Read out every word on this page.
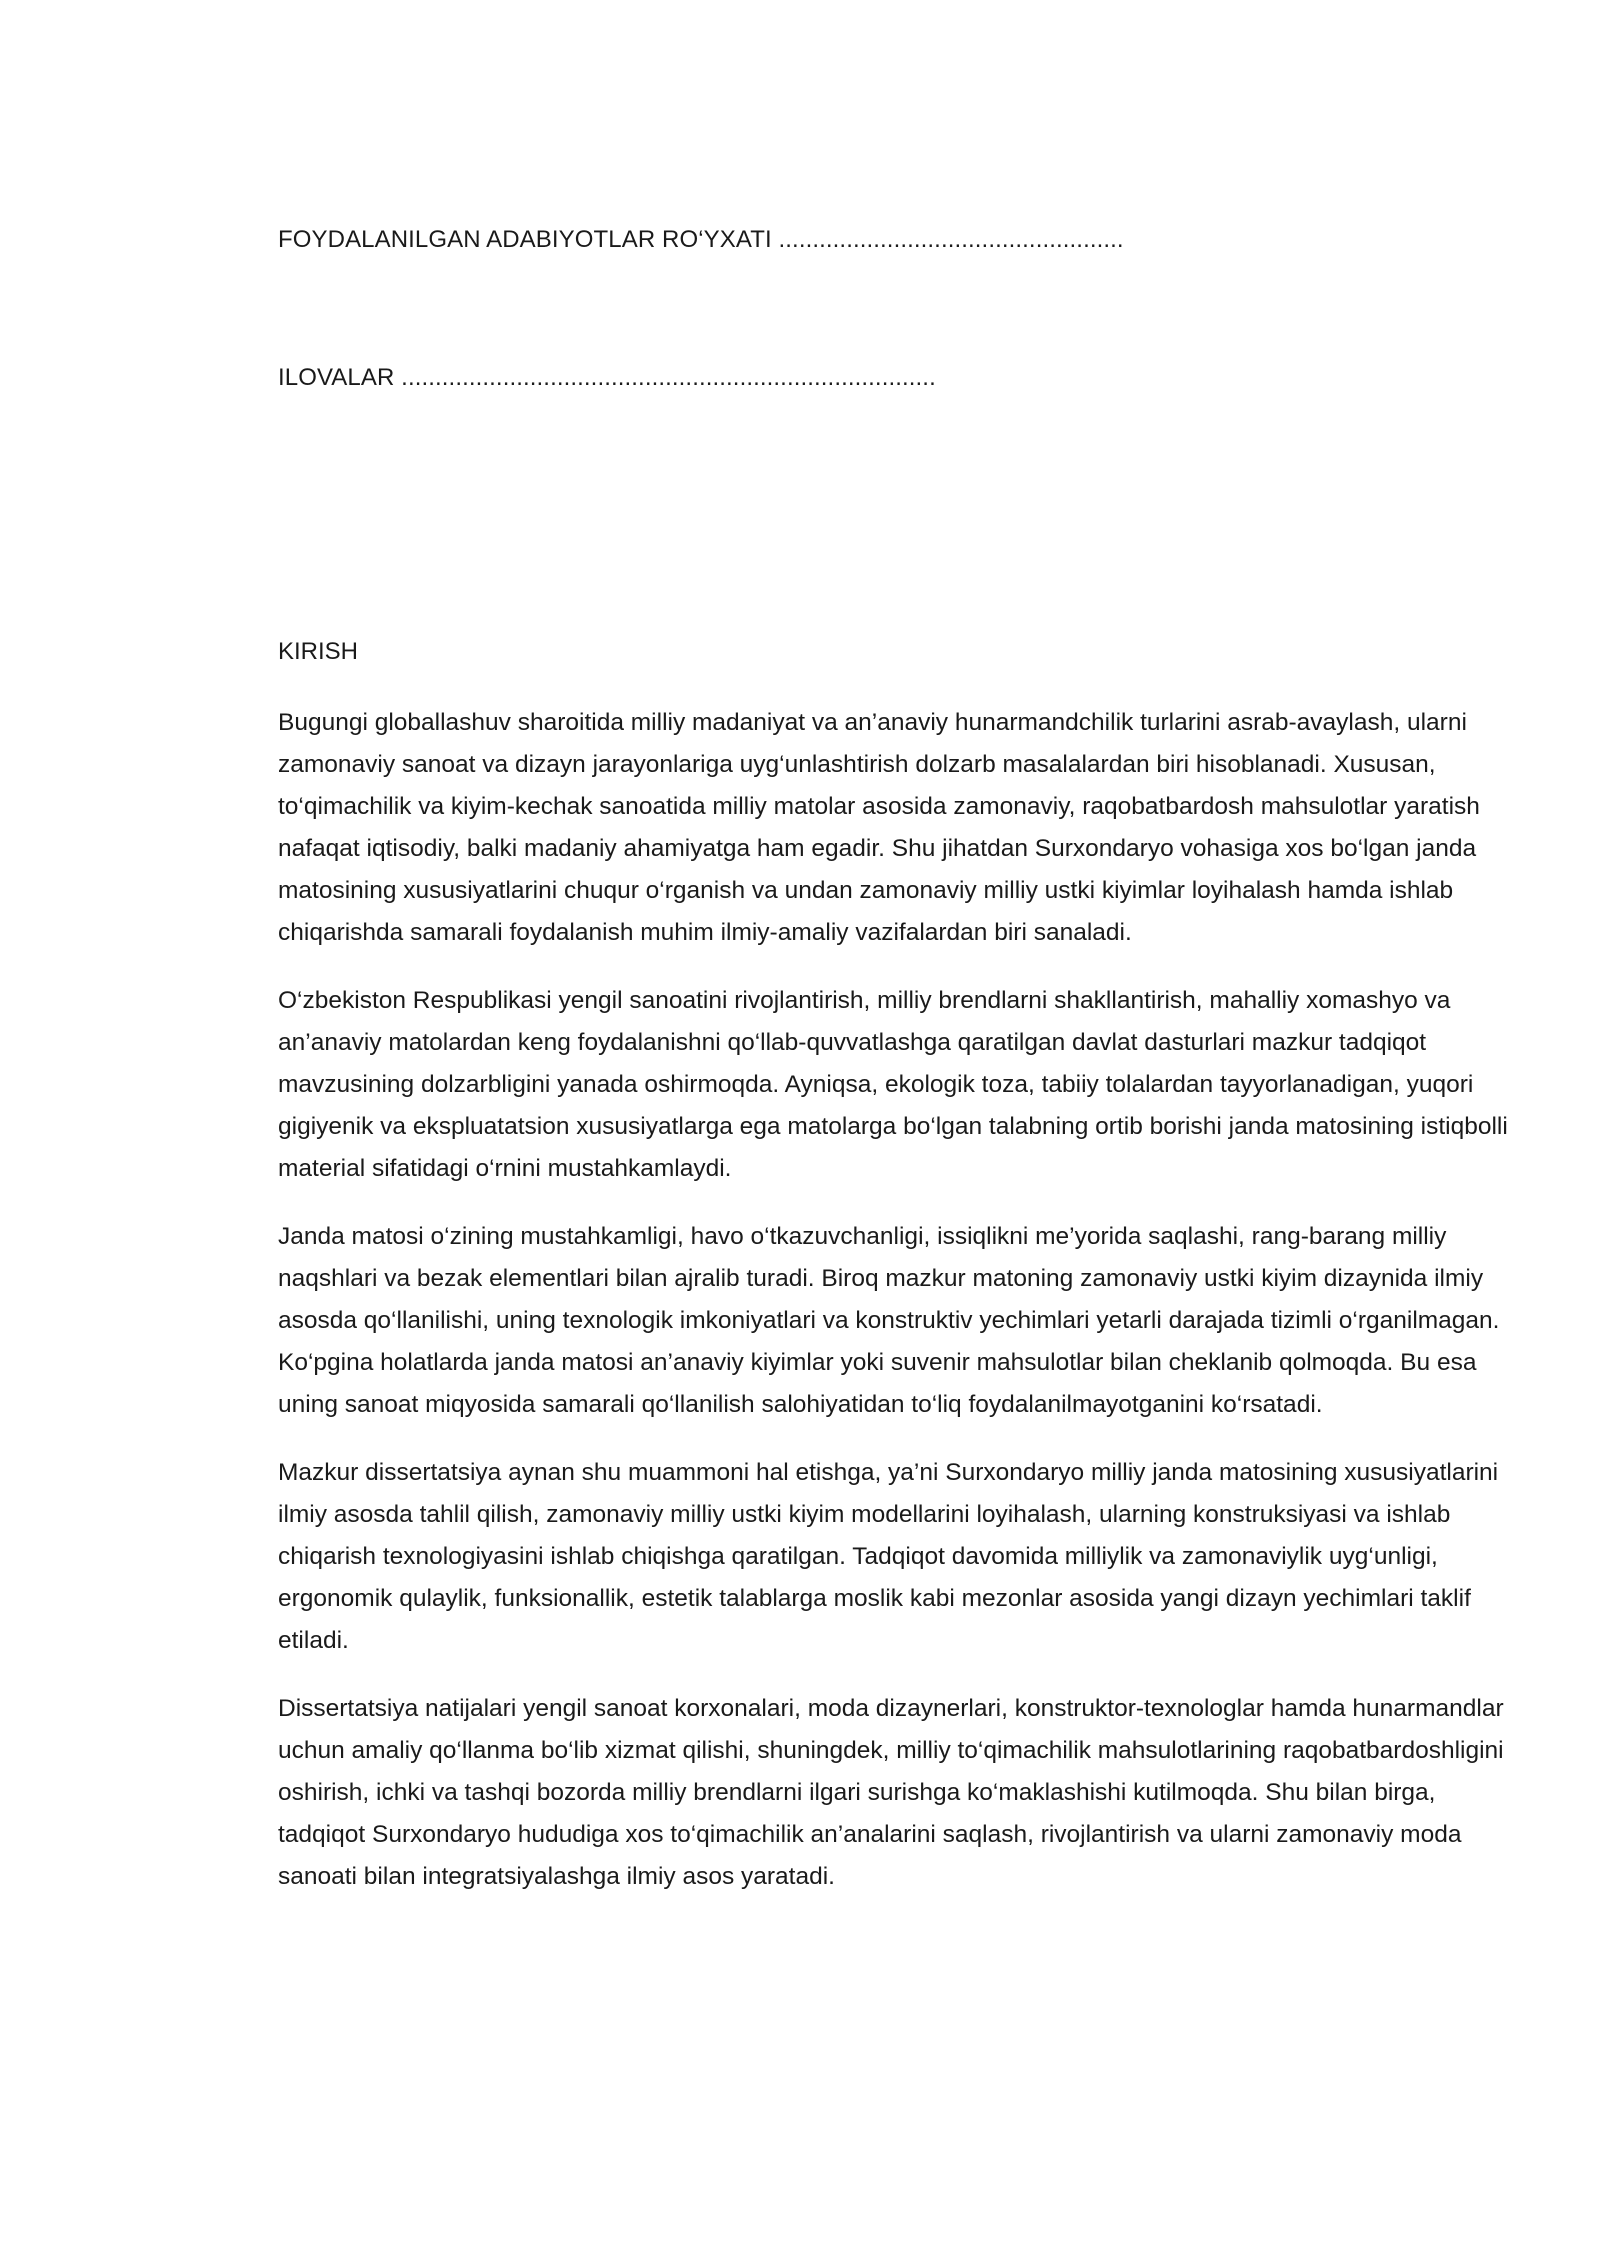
FOYDALANILGAN ADABIYOTLAR RO‘YXATI ...................................................
ILOVALAR ...............................................................................
KIRISH

Bugungi globallashuv sharoitida milliy madaniyat va an’anaviy hunarmandchilik turlarini asrab-avaylash, ularni zamonaviy sanoat va dizayn jarayonlariga uyg‘unlashtirish dolzarb masalalardan biri hisoblanadi. Xususan, to‘qimachilik va kiyim-kechak sanoatida milliy matolar asosida zamonaviy, raqobatbardosh mahsulotlar yaratish nafaqat iqtisodiy, balki madaniy ahamiyatga ham egadir. Shu jihatdan Surxondaryo vohasiga xos bo‘lgan janda matosining xususiyatlarini chuqur o‘rganish va undan zamonaviy milliy ustki kiyimlar loyihalash hamda ishlab chiqarishda samarali foydalanish muhim ilmiy-amaliy vazifalardan biri sanaladi.

O‘zbekiston Respublikasi yengil sanoatini rivojlantirish, milliy brendlarni shakllantirish, mahalliy xomashyo va an’anaviy matolardan keng foydalanishni qo‘llab-quvvatlashga qaratilgan davlat dasturlari mazkur tadqiqot mavzusining dolzarbligini yanada oshirmoqda. Ayniqsa, ekologik toza, tabiiy tolalardan tayyorlanadigan, yuqori gigiyenik va ekspluatatsion xususiyatlarga ega matolarga bo‘lgan talabning ortib borishi janda matosining istiqbolli material sifatidagi o‘rnini mustahkamlaydi.

Janda matosi o‘zining mustahkamligi, havo o‘tkazuvchanligi, issiqlikni me’yorida saqlashi, rang-barang milliy naqshlari va bezak elementlari bilan ajralib turadi. Biroq mazkur matoning zamonaviy ustki kiyim dizaynida ilmiy asosda qo‘llanilishi, uning texnologik imkoniyatlari va konstruktiv yechimlari yetarli darajada tizimli o‘rganilmagan. Ko‘pgina holatlarda janda matosi an’anaviy kiyimlar yoki suvenir mahsulotlar bilan cheklanib qolmoqda. Bu esa uning sanoat miqyosida samarali qo‘llanilish salohiyatidan to‘liq foydalanilmayotganini ko‘rsatadi.

Mazkur dissertatsiya aynan shu muammoni hal etishga, ya’ni Surxondaryo milliy janda matosining xususiyatlarini ilmiy asosda tahlil qilish, zamonaviy milliy ustki kiyim modellarini loyihalash, ularning konstruksiyasi va ishlab chiqarish texnologiyasini ishlab chiqishga qaratilgan. Tadqiqot davomida milliylik va zamonaviylik uyg‘unligi, ergonomik qulaylik, funksionallik, estetik talablarga moslik kabi mezonlar asosida yangi dizayn yechimlari taklif etiladi.

Dissertatsiya natijalari yengil sanoat korxonalari, moda dizaynerlari, konstruktor-texnologlar hamda hunarmandlar uchun amaliy qo‘llanma bo‘lib xizmat qilishi, shuningdek, milliy to‘qimachilik mahsulotlarining raqobatbardoshligini oshirish, ichki va tashqi bozorda milliy brendlarni ilgari surishga ko‘maklashishi kutilmoqda. Shu bilan birga, tadqiqot Surxondaryo hududiga xos to‘qimachilik an’analarini saqlash, rivojlantirish va ularni zamonaviy moda sanoati bilan integratsiyalashga ilmiy asos yaratadi.
